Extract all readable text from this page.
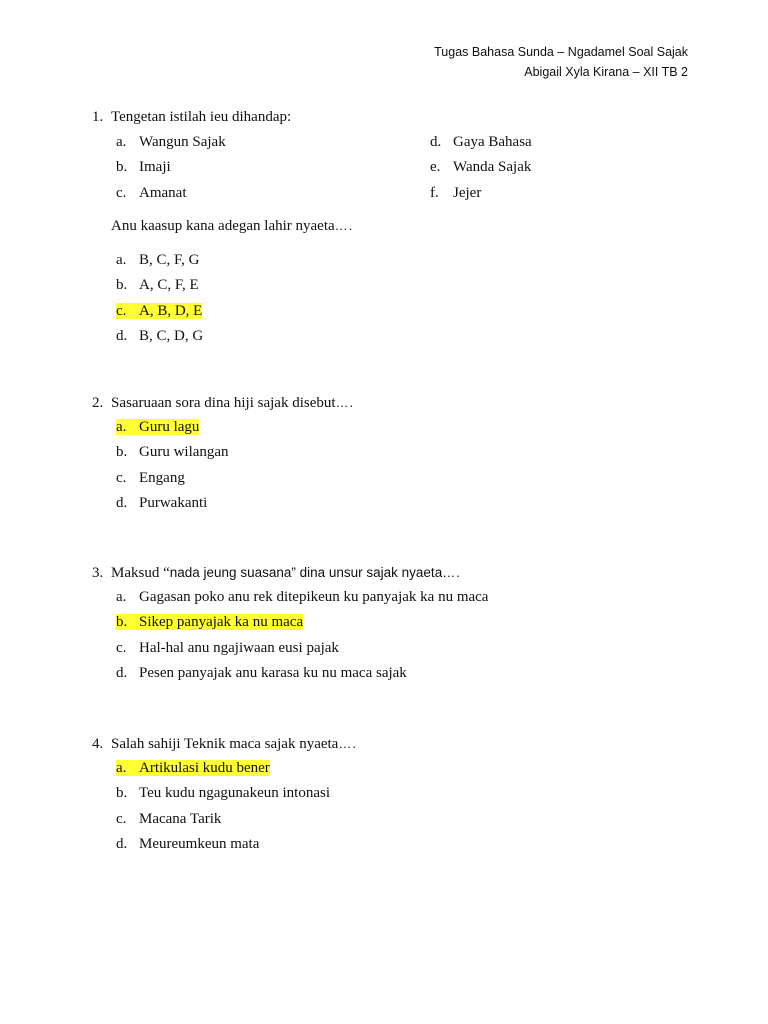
Tugas Bahasa Sunda – Ngadamel Soal Sajak
Abigail Xyla Kirana – XII TB 2
1. Tengetan istilah ieu dihandap:
a. Wangun Sajak
b. Imaji
c. Amanat
d. Gaya Bahasa
e. Wanda Sajak
f. Jejer
Anu kaasup kana adegan lahir nyaeta….
a. B, C, F, G
b. A, C, F, E
c. A, B, D, E
d. B, C, D, G
2. Sasaruaan sora dina hiji sajak disebut….
a. Guru lagu
b. Guru wilangan
c. Engang
d. Purwakanti
3. Maksud “nada jeung suasana” dina unsur sajak nyaeta….
a. Gagasan poko anu rek ditepikeun ku panyajak ka nu maca
b. Sikep panyajak ka nu maca
c. Hal-hal anu ngajiwaan eusi pajak
d. Pesen panyajak anu karasa ku nu maca sajak
4. Salah sahiji Teknik maca sajak nyaeta….
a. Artikulasi kudu bener
b. Teu kudu ngagunakeun intonasi
c. Macana Tarik
d. Meureumkeun mata
